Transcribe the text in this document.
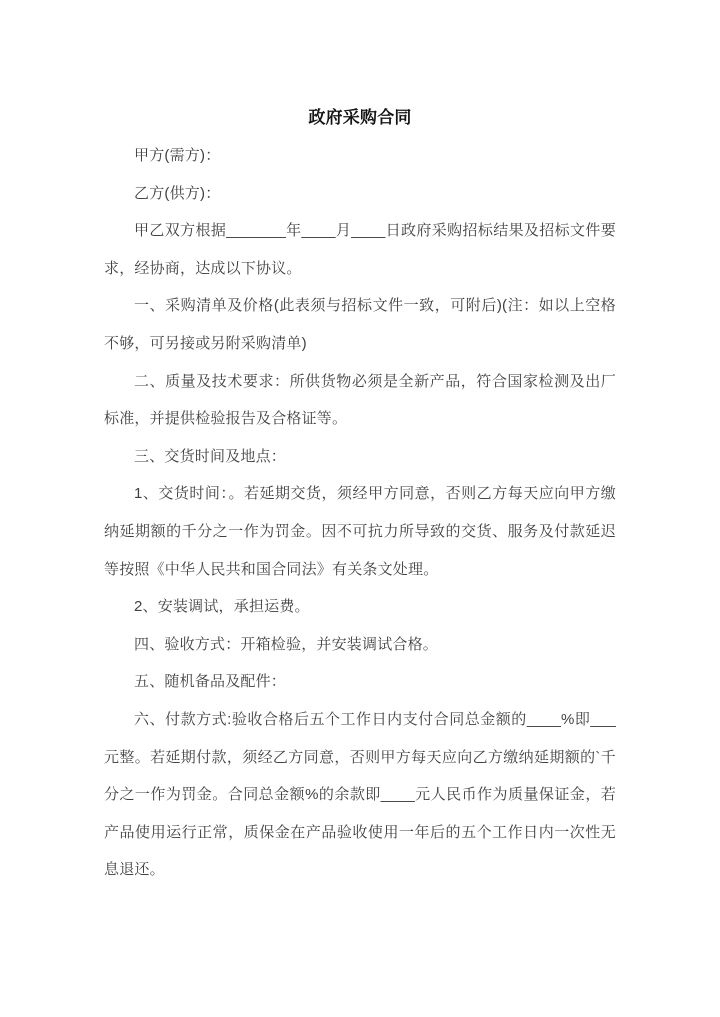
政府采购合同

甲方(需方)：

乙方(供方)：

甲乙双方根据_______年____月____日政府采购招标结果及招标文件要求，经协商，达成以下协议。

一、采购清单及价格(此表须与招标文件一致，可附后)(注：如以上空格不够，可另接或另附采购清单)

二、质量及技术要求：所供货物必须是全新产品，符合国家检测及出厂标准，并提供检验报告及合格证等。

三、交货时间及地点：

1、交货时间：。若延期交货，须经甲方同意，否则乙方每天应向甲方缴纳延期额的千分之一作为罚金。因不可抗力所导致的交货、服务及付款延迟等按照《中华人民共和国合同法》有关条文处理。

2、安装调试，承担运费。

四、验收方式：开箱检验，并安装调试合格。

五、随机备品及配件：

六、付款方式:验收合格后五个工作日内支付合同总金额的____%即___元整。若延期付款，须经乙方同意，否则甲方每天应向乙方缴纳延期额的`千分之一作为罚金。合同总金额%的余款即____元人民币作为质量保证金，若产品使用运行正常，质保金在产品验收使用一年后的五个工作日内一次性无息退还。
